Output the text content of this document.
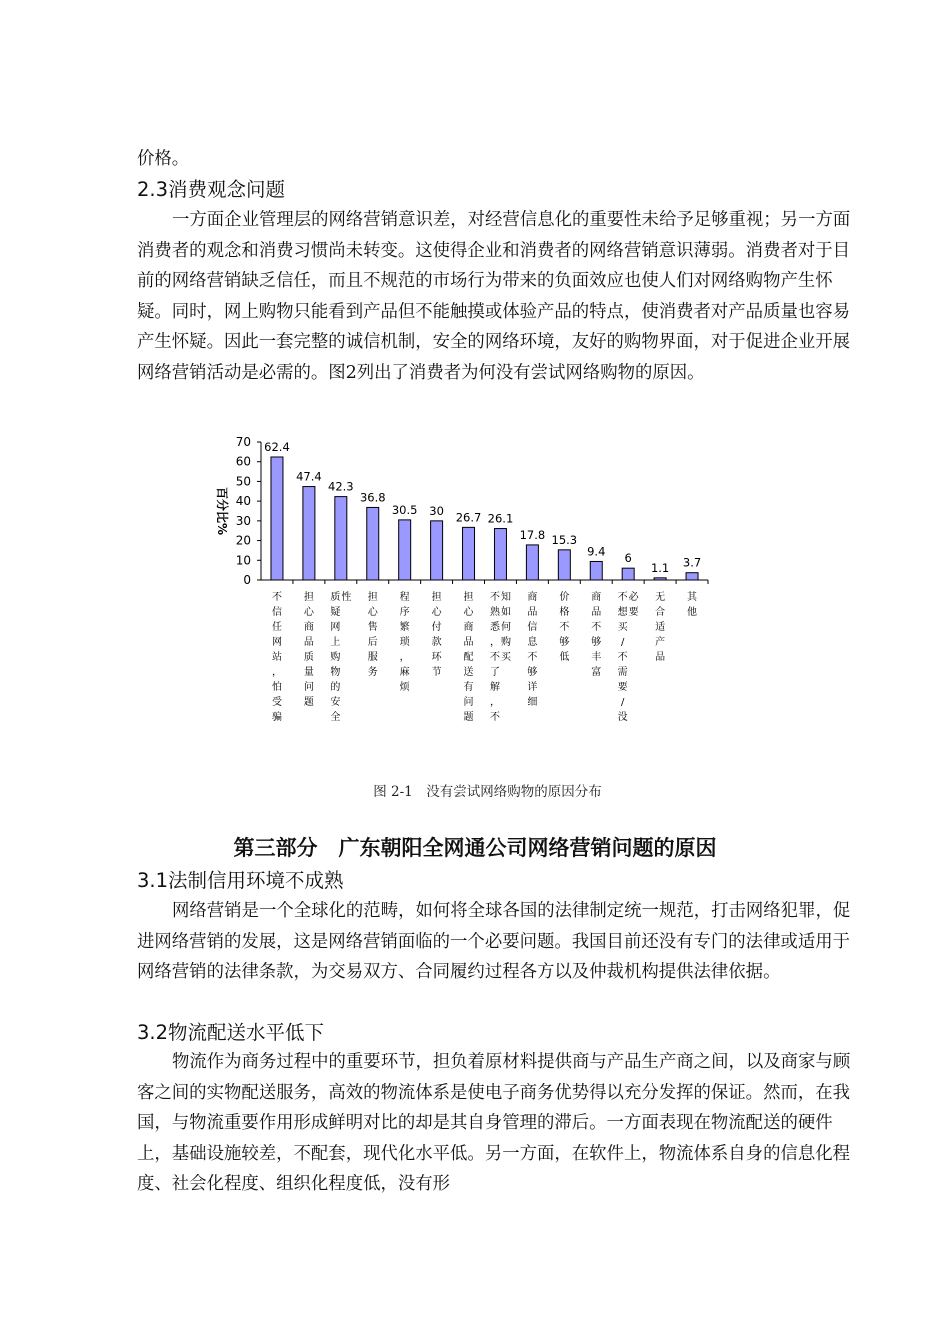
价格。

2.3消费观念问题

一方面企业管理层的网络营销意识差，对经营信息化的重要性未给予足够重视；另一方面消费者的观念和消费习惯尚未转变。这使得企业和消费者的网络营销意识薄弱。消费者对于目前的网络营销缺乏信任，而且不规范的市场行为带来的负面效应也使人们对网络购物产生怀疑。同时，网上购物只能看到产品但不能触摸或体验产品的特点，使消费者对产品质量也容易产生怀疑。因此一套完整的诚信机制，安全的网络环境，友好的购物界面，对于促进企业开展网络营销活动是必需的。图2列出了消费者为何没有尝试网络购物的原因。

0
10
20
30
40
50
60
70
百分比%
62.4
不信任网站，怕受骗
47.4
担心商品质量问题
42.3
质疑网上购物的安全性
36.8
担心售后服务
30.5
程序繁琐，麻烦
30
担心付款环节
26.7
担心商品配送有问题
26.1
不熟悉，不了解，不知如何购买
17.8
商品信息不够详细
15.3
价格不够低
9.4
商品不够丰富
6
不想买/不需要/没必要
1.1
无合适产品
3.7
其他
图 2-1　没有尝试网络购物的原因分布
第三部分　广东朝阳全网通公司网络营销问题的原因
3.1法制信用环境不成熟

网络营销是一个全球化的范畴，如何将全球各国的法律制定统一规范，打击网络犯罪，促进网络营销的发展，这是网络营销面临的一个必要问题。我国目前还没有专门的法律或适用于网络营销的法律条款，为交易双方、合同履约过程各方以及仲裁机构提供法律依据。

3.2物流配送水平低下

物流作为商务过程中的重要环节，担负着原材料提供商与产品生产商之间，以及商家与顾客之间的实物配送服务，高效的物流体系是使电子商务优势得以充分发挥的保证。然而，在我国，与物流重要作用形成鲜明对比的却是其自身管理的滞后。一方面表现在物流配送的硬件上，基础设施较差，不配套，现代化水平低。另一方面，在软件上，物流体系自身的信息化程度、社会化程度、组织化程度低，没有形
